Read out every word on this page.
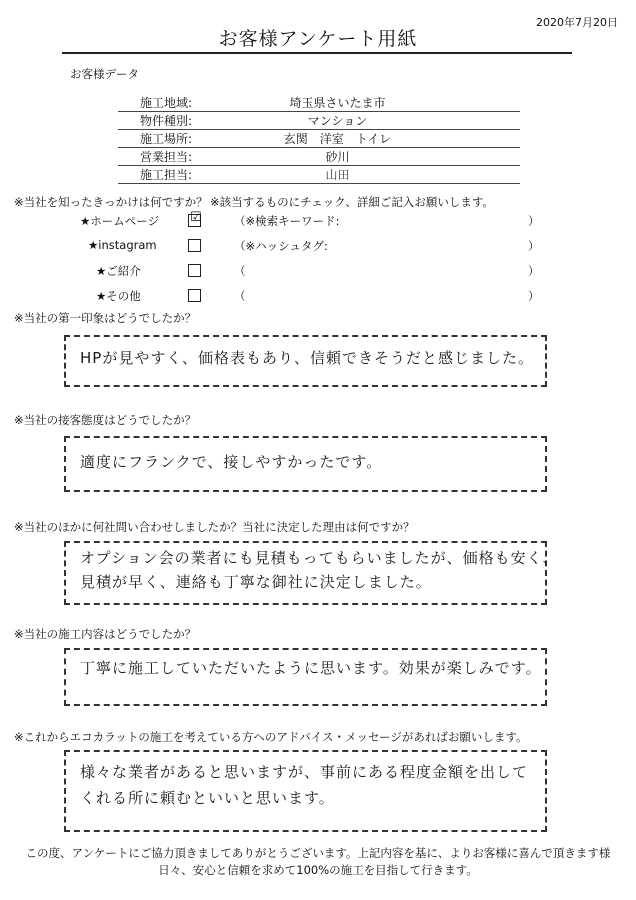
2020年7月20日
お客様アンケート用紙
お客様データ
施工地域:	埼玉県さいたま市
物件種別:	マンション
施工場所:	玄関　洋室　トイレ
営業担当:	砂川
施工担当:	山田
※当社を知ったきっかけは何ですか？ ※該当するものにチェック、詳細ご記入お願いします。
★ホームページ ☑	（※検索キーワード:	）
★instagram	（※ハッシュタグ:	）
★ご紹介	（	）
★その他	（	）
※当社の第一印象はどうでしたか？
HPが見やすく、価格表もあり、信頼できそうだと感じました。
※当社の接客態度はどうでしたか？
適度にフランクで、接しやすかったです。
※当社のほかに何社問い合わせしましたか？当社に決定した理由は何ですか？
オプション会の業者にも見積もってもらいましたが、価格も安く、
見積が早く、連絡も丁寧な御社に決定しました。
※当社の施工内容はどうでしたか？
丁寧に施工していただいたように思います。効果が楽しみです。
※これからエコカラットの施工を考えている方へのアドバイス・メッセージがあればお願いします。
様々な業者があると思いますが、事前にある程度金額を出して
くれる所に頼むといいと思います。
この度、アンケートにご協力頂きましてありがとうございます。上記内容を基に、よりお客様に喜んで頂きます様
日々、安心と信頼を求めて100%の施工を目指して行きます。
